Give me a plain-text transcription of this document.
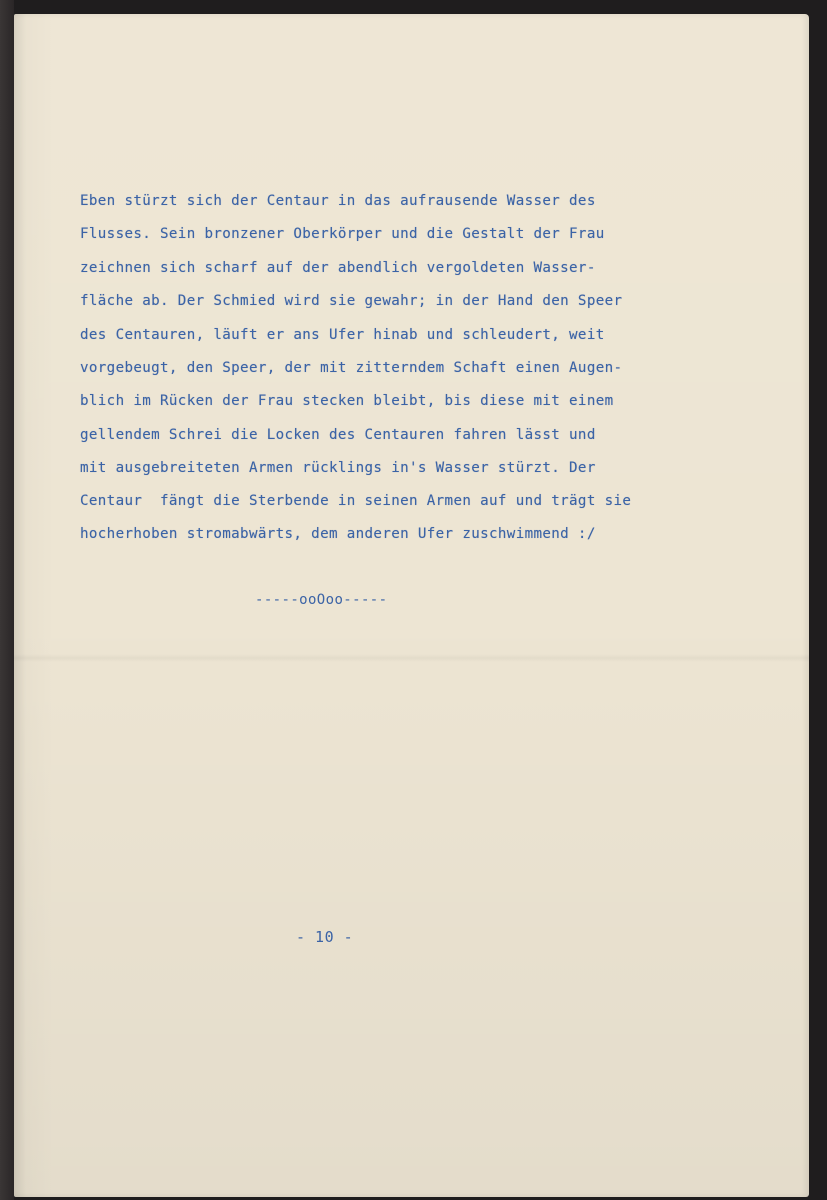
Eben stürzt sich der Centaur in das aufrausende Wasser des
Flusses. Sein bronzener Oberkörper und die Gestalt der Frau
zeichnen sich scharf auf der abendlich vergoldeten Wasser-
fläche ab. Der Schmied wird sie gewahr; in der Hand den Speer
des Centauren, läuft er ans Ufer hinab und schleudert, weit
vorgebeugt, den Speer, der mit zitterndem Schaft einen Augen-
blich im Rücken der Frau stecken bleibt, bis diese mit einem
gellendem Schrei die Locken des Centauren fahren lässt und
mit ausgebreiteten Armen rücklings in's Wasser stürzt. Der
Centaur  fängt die Sterbende in seinen Armen auf und trägt sie
hocherhoben stromabwärts, dem anderen Ufer zuschwimmend :/
-----ooOoo-----
- 10 -
